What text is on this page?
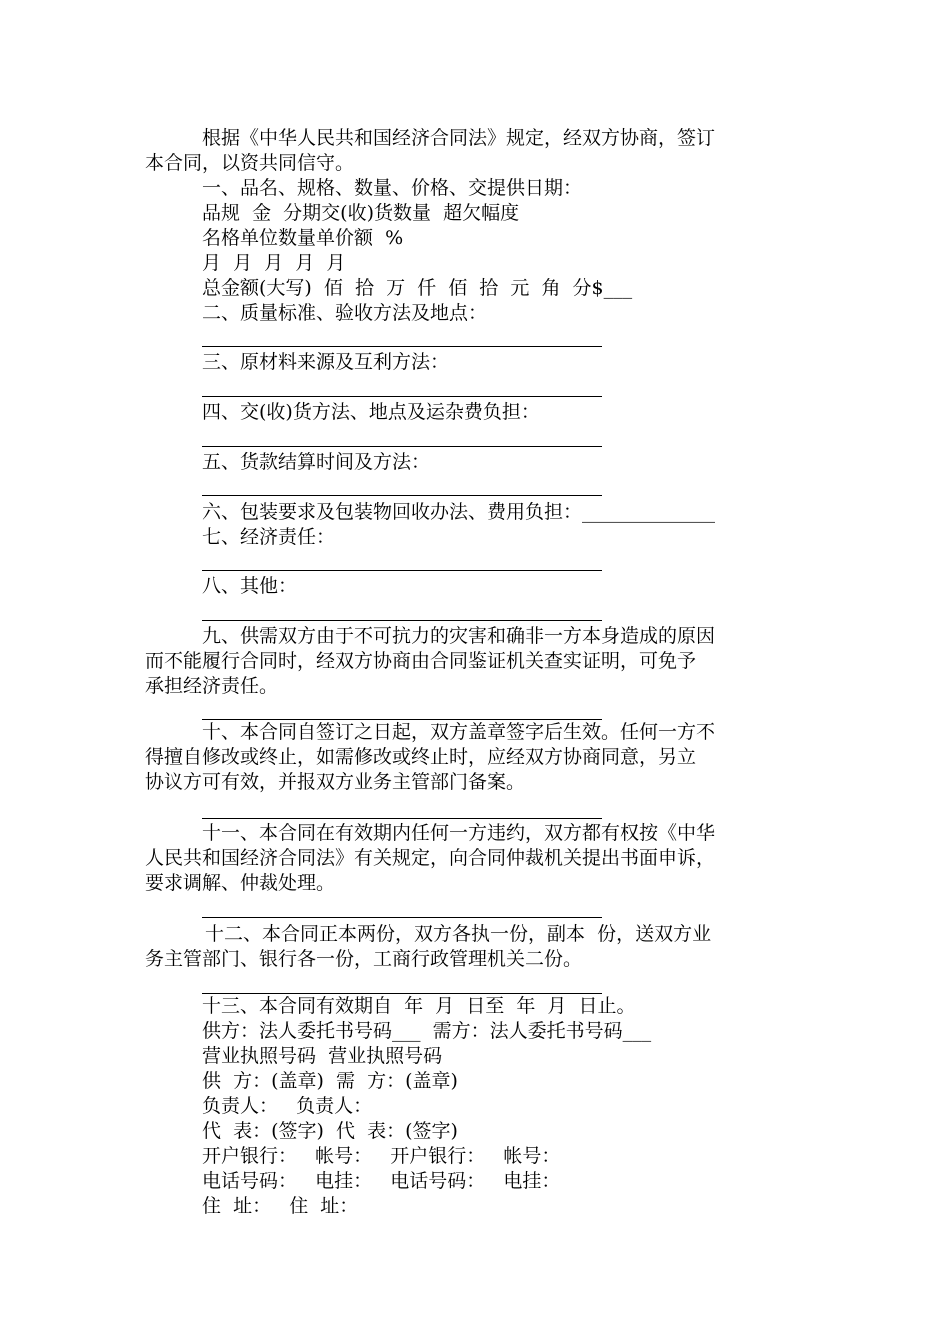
根据《中华人民共和国经济合同法》规定，经双方协商，签订
本合同，以资共同信守。
一、品名、规格、数量、价格、交提供日期：
品规  金  分期交(收)货数量  超欠幅度
名格单位数量单价额  %
月  月  月  月  月
总金额(大写)  佰  拾  万  仟  佰  拾  元  角  分$___
二、质量标准、验收方法及地点：
三、原材料来源及互利方法：
四、交(收)货方法、地点及运杂费负担：
五、货款结算时间及方法：
六、包装要求及包装物回收办法、费用负担：______________
七、经济责任：
八、其他：
九、供需双方由于不可抗力的灾害和确非一方本身造成的原因
而不能履行合同时，经双方协商由合同鉴证机关查实证明，可免予
承担经济责任。
十、本合同自签订之日起，双方盖章签字后生效。任何一方不
得擅自修改或终止，如需修改或终止时，应经双方协商同意，另立
协议方可有效，并报双方业务主管部门备案。
十一、本合同在有效期内任何一方违约，双方都有权按《中华
人民共和国经济合同法》有关规定，向合同仲裁机关提出书面申诉，
要求调解、仲裁处理。
十二、本合同正本两份，双方各执一份，副本  份，送双方业
务主管部门、银行各一份，工商行政管理机关二份。
十三、本合同有效期自  年  月  日至  年  月  日止。
供方：法人委托书号码___  需方：法人委托书号码___
营业执照号码  营业执照号码
供  方：(盖章)  需  方：(盖章)
负责人：   负责人：
代  表：(签字)  代  表：(签字)
开户银行：   帐号：   开户银行：   帐号：
电话号码：   电挂：   电话号码：   电挂：
住  址：   住  址：
